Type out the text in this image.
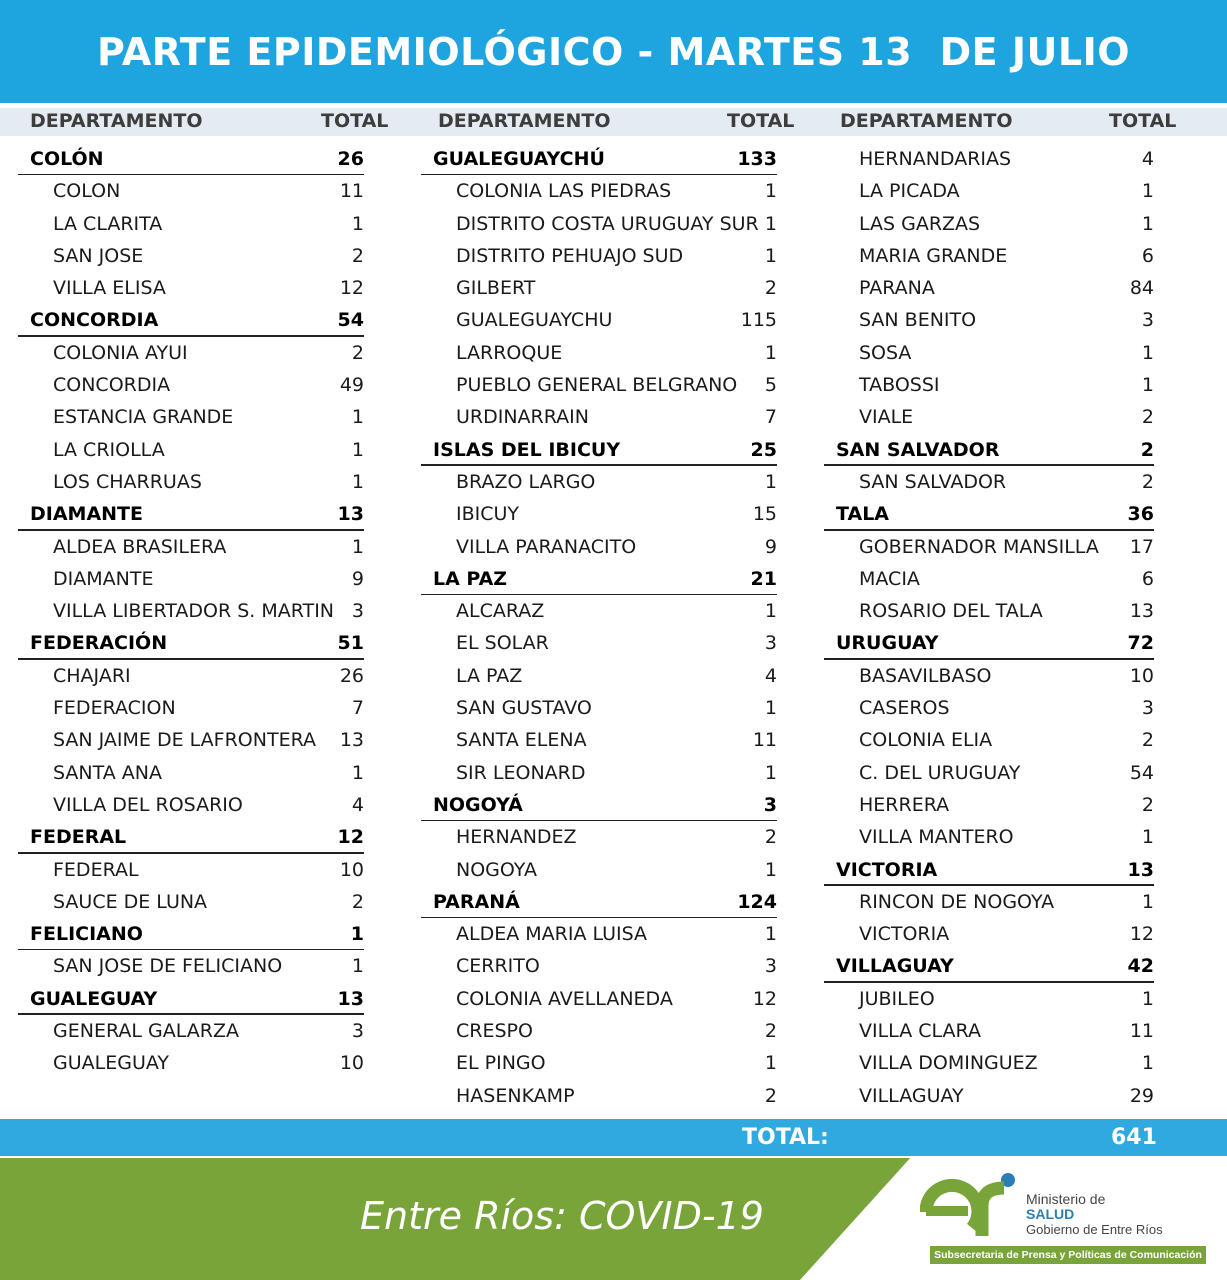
PARTE EPIDEMIOLÓGICO - MARTES 13  DE JULIO
DEPARTAMENTO	TOTAL	DEPARTAMENTO	TOTAL DEPARTAMENTO	TOTAL
COLÓN	26
COLON	11
LA CLARITA	1
SAN JOSE	2
VILLA ELISA	12
CONCORDIA	54
COLONIA AYUI	2
CONCORDIA	49
ESTANCIA GRANDE	1
LA CRIOLLA	1
LOS CHARRUAS	1
DIAMANTE	13
ALDEA BRASILERA	1
DIAMANTE	9
VILLA LIBERTADOR S. MARTIN 3
FEDERACIÓN	51
CHAJARI	26
FEDERACION	7
SAN JAIME DE LAFRONTERA 13
SANTA ANA	1
VILLA DEL ROSARIO	4
FEDERAL	12
FEDERAL	10
SAUCE DE LUNA	2
FELICIANO	1
SAN JOSE DE FELICIANO	1
GUALEGUAY	13
GENERAL GALARZA	3
GUALEGUAY	10
GUALEGUAYCHÚ	133
COLONIA LAS PIEDRAS	1
DISTRITO COSTA URUGUAY SUR 1
DISTRITO PEHUAJO SUD	1
GILBERT	2
GUALEGUAYCHU	115
LARROQUE	1
PUEBLO GENERAL BELGRANO 5
URDINARRAIN	7
ISLAS DEL IBICUY	25
BRAZO LARGO	1
IBICUY	15
VILLA PARANACITO	9
LA PAZ	21
ALCARAZ	1
EL SOLAR	3
LA PAZ	4
SAN GUSTAVO	1
SANTA ELENA	11
SIR LEONARD	1
NOGOYÁ	3
HERNANDEZ	2
NOGOYA	1
PARANÁ	124
ALDEA MARIA LUISA	1
CERRITO	3
COLONIA AVELLANEDA	12
CRESPO	2
EL PINGO	1
HASENKAMP	2
HERNANDARIAS	4
LA PICADA	1
LAS GARZAS	1
MARIA GRANDE	6
PARANA	84
SAN BENITO	3
SOSA	1
TABOSSI	1
VIALE	2
SAN SALVADOR	2
SAN SALVADOR	2
TALA	36
GOBERNADOR MANSILLA 17
MACIA	6
ROSARIO DEL TALA	13
URUGUAY	72
BASAVILBASO	10
CASEROS	3
COLONIA ELIA	2
C. DEL URUGUAY	54
HERRERA	2
VILLA MANTERO	1
VICTORIA	13
RINCON DE NOGOYA	1
VICTORIA	12
VILLAGUAY	42
JUBILEO	1
VILLA CLARA	11
VILLA DOMINGUEZ	1
VILLAGUAY	29
TOTAL:	641
Entre Ríos: COVID-19	Ministerio de
SALUD
Gobierno de Entre Ríos
Subsecretaria de Prensa y Políticas de Comunicación
